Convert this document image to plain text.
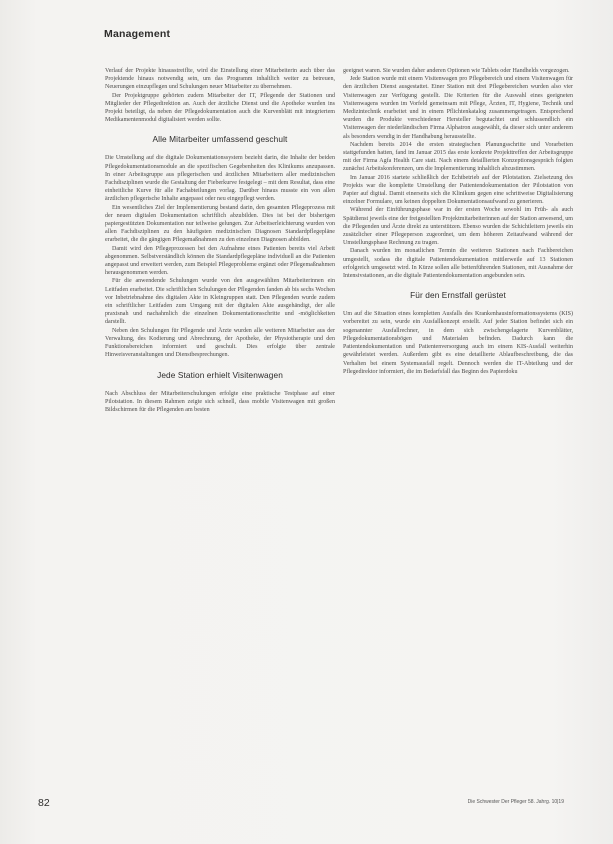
Management

Verlauf der Projekte hinausstreiflte, wird die Einstellung einer Mitarbeiterin auch über das Projektende hinaus notwendig sein, um das Programm inhaltlich weiter zu betreuen, Neuerungen einzupflegen und Schulungen neuer Mitarbeiter zu übernehmen.

Der Projektgruppe gehörten zudem Mitarbeiter der IT, Pflegende der Stationen und Mitglieder der Pflegedirektion an. Auch der ärztliche Dienst und die Apotheke wurden ins Projekt beteiligt, da neben der Pflegedokumentation auch die Kurvenblätt mit integriertem Medikamentenmodul digitalisiert werden sollte.

Alle Mitarbeiter umfassend geschult

Die Umstellung auf die digitale Dokumentationssystem bezieht darin, die Inhalte der beiden Pflegedokumentationsmodule an die spezifischen Gegebenheiten des Klinikums anzupassen. In einer Arbeitsgruppe aus pflegerischen und ärztlichen Mitarbeitern aller medizinischen Fachdisziplinen wurde die Gestaltung der Fieberkurve festgelegt – mit dem Resultat, dass eine einheitliche Kurve für alle Fachabteilungen vorlag. Darüber hinaus musste ein von allen ärztlichen pflegerische Inhalte angepasst oder neu eingepflegt werden.

Ein wesentliches Ziel der Implementierung bestand darin, den gesamten Pflegeprozess mit der neuen digitalen Dokumentation schriftlich abzubilden. Dies ist bei der bisherigen papiergestützten Dokumentation nur teilweise gelungen. Zur Arbeitserleichterung wurden von allen Fachdisziplinen zu den häufigsten medizinischen Diagnosen Standardpflegepläne erarbeitet, die die gängigen Pflegemaßnahmen zu den einzelnen Diagnosen abbilden.

Damit wird den Pflegeprozessen bei den Aufnahme eines Patienten bereits viel Arbeit abgenommen. Selbstverständlich können die Standardpflegepläne individuell an die Patienten angepasst und erweitert werden, zum Beispiel Pflegeprobleme ergänzt oder Pflegemaßnahmen herausgenommen werden.

Für die anwendende Schulungen wurde von den ausgewählten Mitarbeiterinnen ein Leitfaden erarbeitet. Die schriftlichen Schulungen der Pflegenden fanden ab bis sechs Wochen vor Inbetriebnahme des digitalen Akte in Kleingruppen statt. Den Pflegenden wurde zudem ein schriftlicher Leitfaden zum Umgang mit der digitalen Akte ausgehändigt, der alle praxisnah und nachahmlich die einzelnen Dokumentationsschritte und -möglichkeiten darstellt.

Neben den Schulungen für Pflegende und Ärzte wurden alle weiteren Mitarbeiter aus der Verwaltung, des Kodierung und Abrechnung, der Apotheke, der Physiotherapie und den Funktionsbereichen informiert und geschult. Dies erfolgte über zentrale Hinweisveranstaltungen und Dienstbesprechungen.

Jede Station erhielt Visitenwagen

Nach Abschluss der Mitarbeiterschulungen erfolgte eine praktische Testphase auf einer Pilotstation. In diesem Rahmen zeigte sich schnell, dass mobile Visitenwagen mit großen Bildschirmen für die Pflegenden am besten

geeignet waren. Sie wurden daher anderen Optionen wie Tablets oder Handhelds vorgezogen.

Jede Station wurde mit einem Visitenwagen pro Pflegebereich und einem Visitenwagen für den ärztlichen Dienst ausgestattet. Einer Station mit drei Pflegebereichen wurden also vier Visitenwagen zur Verfügung gestellt. Die Kriterien für die Auswahl eines geeigneten Visitenwagens wurden im Vorfeld gemeinsam mit Pflege, Ärzten, IT, Hygiene, Technik und Medizintechnik erarbeitet und in einem Pflichtenkatalog zusammengetragen. Entsprechend wurden die Produkte verschiedener Hersteller begutachtet und schlussendlich ein Visitenwagen der niederländischen Firma Alphatron ausgewählt, da dieser sich unter anderem als besonders wendig in der Handhabung herausstellte.

Nachdem bereits 2014 die ersten strategischen Planungsschritte und Vorarbeiten stattgefunden hatten, fand im Januar 2015 das erste konkrete Projekttreffen der Arbeitsgruppe mit der Firma Agfa Health Care statt. Nach einem detaillierten Konzeptionsgespräch folgten zunächst Arbeitskonferenzen, um die Implementierung inhaltlich abzustimmen.

Im Januar 2016 startete schließlich der Echtbetrieb auf der Pilotstation. Zielsetzung des Projekts war die komplette Umstellung der Patientendokumentation der Pilotstation von Papier auf digital. Damit einerseits sich die Klinikum gegen eine schrittweise Digitalisierung einzelner Formulare, um keinen doppelten Dokumentationsaufwand zu generieren.

Während der Einführungsphase war in der ersten Woche sowohl im Früh- als auch Spätdienst jeweils eine der freigestellten Projektmitarbeiterinnen auf der Station anwesend, um die Pflegenden und Ärzte direkt zu unterstützen. Ebenso wurden die Schichtleitern jeweils ein zusätzlicher einer Pflegeperson zugeordnet, um dem höheren Zeitaufwand während der Umstellungsphase Rechnung zu tragen.

Danach wurden im monatlichen Termin die weiteren Stationen nach Fachbereichen umgestellt, sodass die digitale Patientendokumentation mittlerweile auf 13 Stationen erfolgreich umgesetzt wird. In Kürze sollen alle bettenführenden Stationen, mit Ausnahme der Intensivstationen, an die digitale Patientendokumentation angebunden sein.

Für den Ernstfall gerüstet

Um auf die Situation eines kompletten Ausfalls des Krankenhausinformationssystems (KIS) vorbereitet zu sein, wurde ein Ausfallkonzept erstellt. Auf jeder Station befindet sich ein sogenannter Ausfallrechner, in dem sich zwischengelagerte Kurvenblätter, Pflegedokumentationsbögen und Materialen befinden. Dadurch kann die Patientendokumentation und Patientenversorgung auch im einem KIS-Ausfall weiterhin gewährleistet werden. Außerdem gibt es eine detaillierte Ablaufbeschreibung, die das Verhalten bei einem Systemausfall regelt. Dennoch werden die IT-Abteilung und der Pflegedirektor informiert, die im Bedarfsfall das Beginn des Papierdoku

82	Die Schwester Der Pfleger 58. Jahrg. 10|19
